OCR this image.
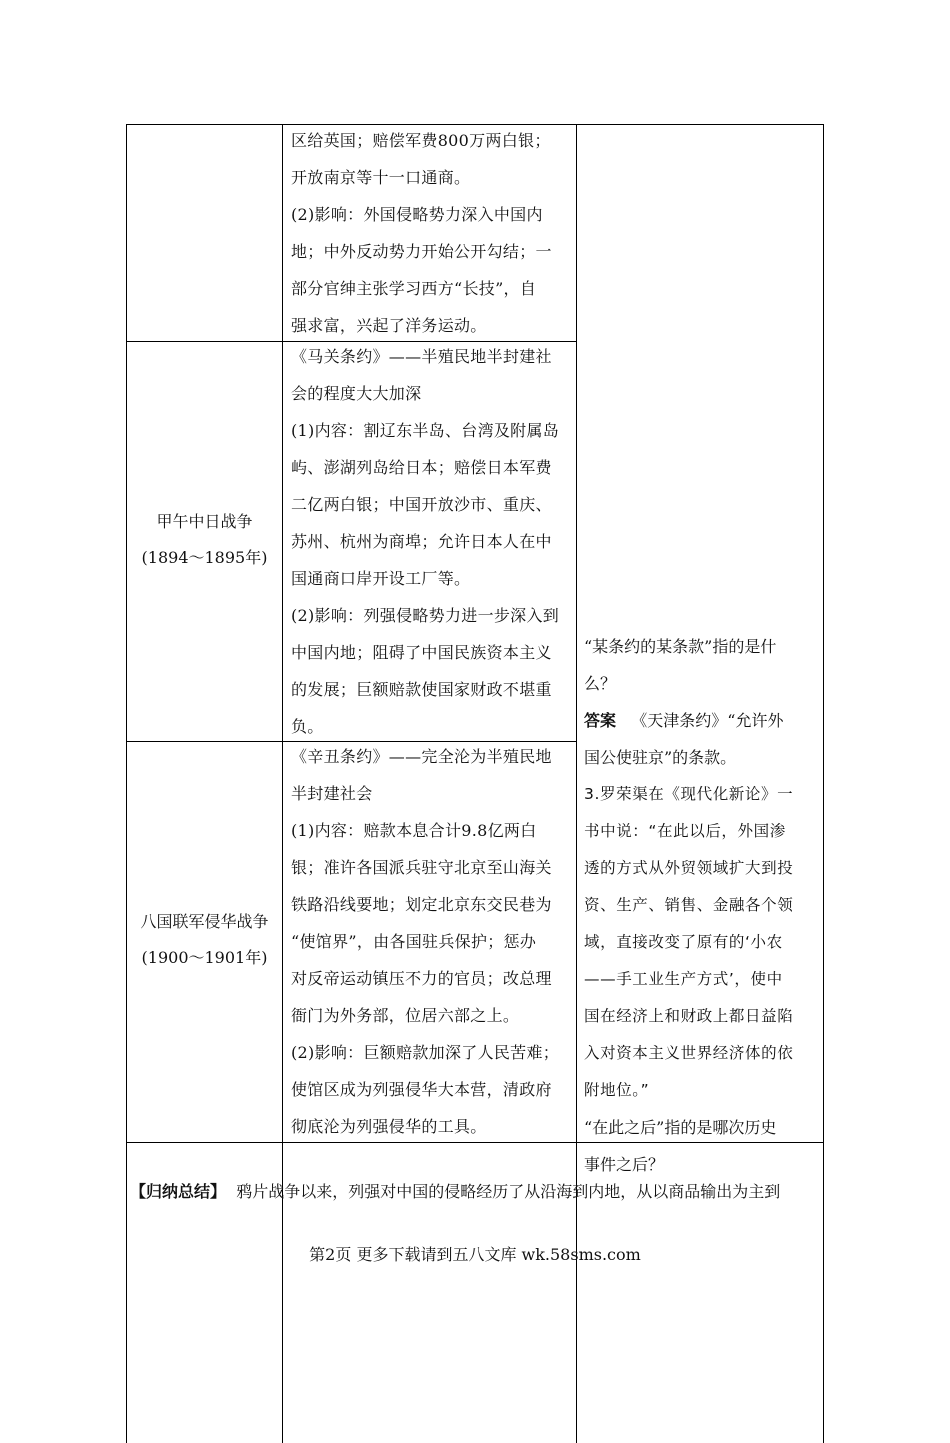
区给英国；赔偿军费800万两白银；

开放南京等十一口通商。

(2)影响：外国侵略势力深入中国内

地；中外反动势力开始公开勾结；一

部分官绅主张学习西方“长技”，自

强求富，兴起了洋务运动。

甲午中日战争
(1894～1895年)

《马关条约》——半殖民地半封建社

会的程度大大加深

(1)内容：割辽东半岛、台湾及附属岛

屿、澎湖列岛给日本；赔偿日本军费

二亿两白银；中国开放沙市、重庆、

苏州、杭州为商埠；允许日本人在中

国通商口岸开设工厂等。

(2)影响：列强侵略势力进一步深入到

中国内地；阻碍了中国民族资本主义

的发展；巨额赔款使国家财政不堪重

负。

八国联军侵华战争
(1900～1901年)

《辛丑条约》——完全沦为半殖民地

半封建社会

(1)内容：赔款本息合计9.8亿两白

银；准许各国派兵驻守北京至山海关

铁路沿线要地；划定北京东交民巷为

“使馆界”，由各国驻兵保护；惩办

对反帝运动镇压不力的官员；改总理

衙门为外务部，位居六部之上。

(2)影响：巨额赔款加深了人民苦难；

使馆区成为列强侵华大本营，清政府

彻底沦为列强侵华的工具。

“某条约的某条款”指的是什

么？

答案 《天津条约》“允许外

国公使驻京”的条款。

3.罗荣渠在《现代化新论》一

书中说：“在此以后，外国渗

透的方式从外贸领域扩大到投

资、生产、销售、金融各个领

域，直接改变了原有的‘小农

——手工业生产方式’，使中

国在经济上和财政上都日益陷

入对资本主义世界经济体的依

附地位。”

“在此之后”指的是哪次历史

事件之后？

【归纳总结】 鸦片战争以来，列强对中国的侵略经历了从沿海到内地，从以商品输出为主到
第2页 更多下载请到五八文库 wk.58sms.com
